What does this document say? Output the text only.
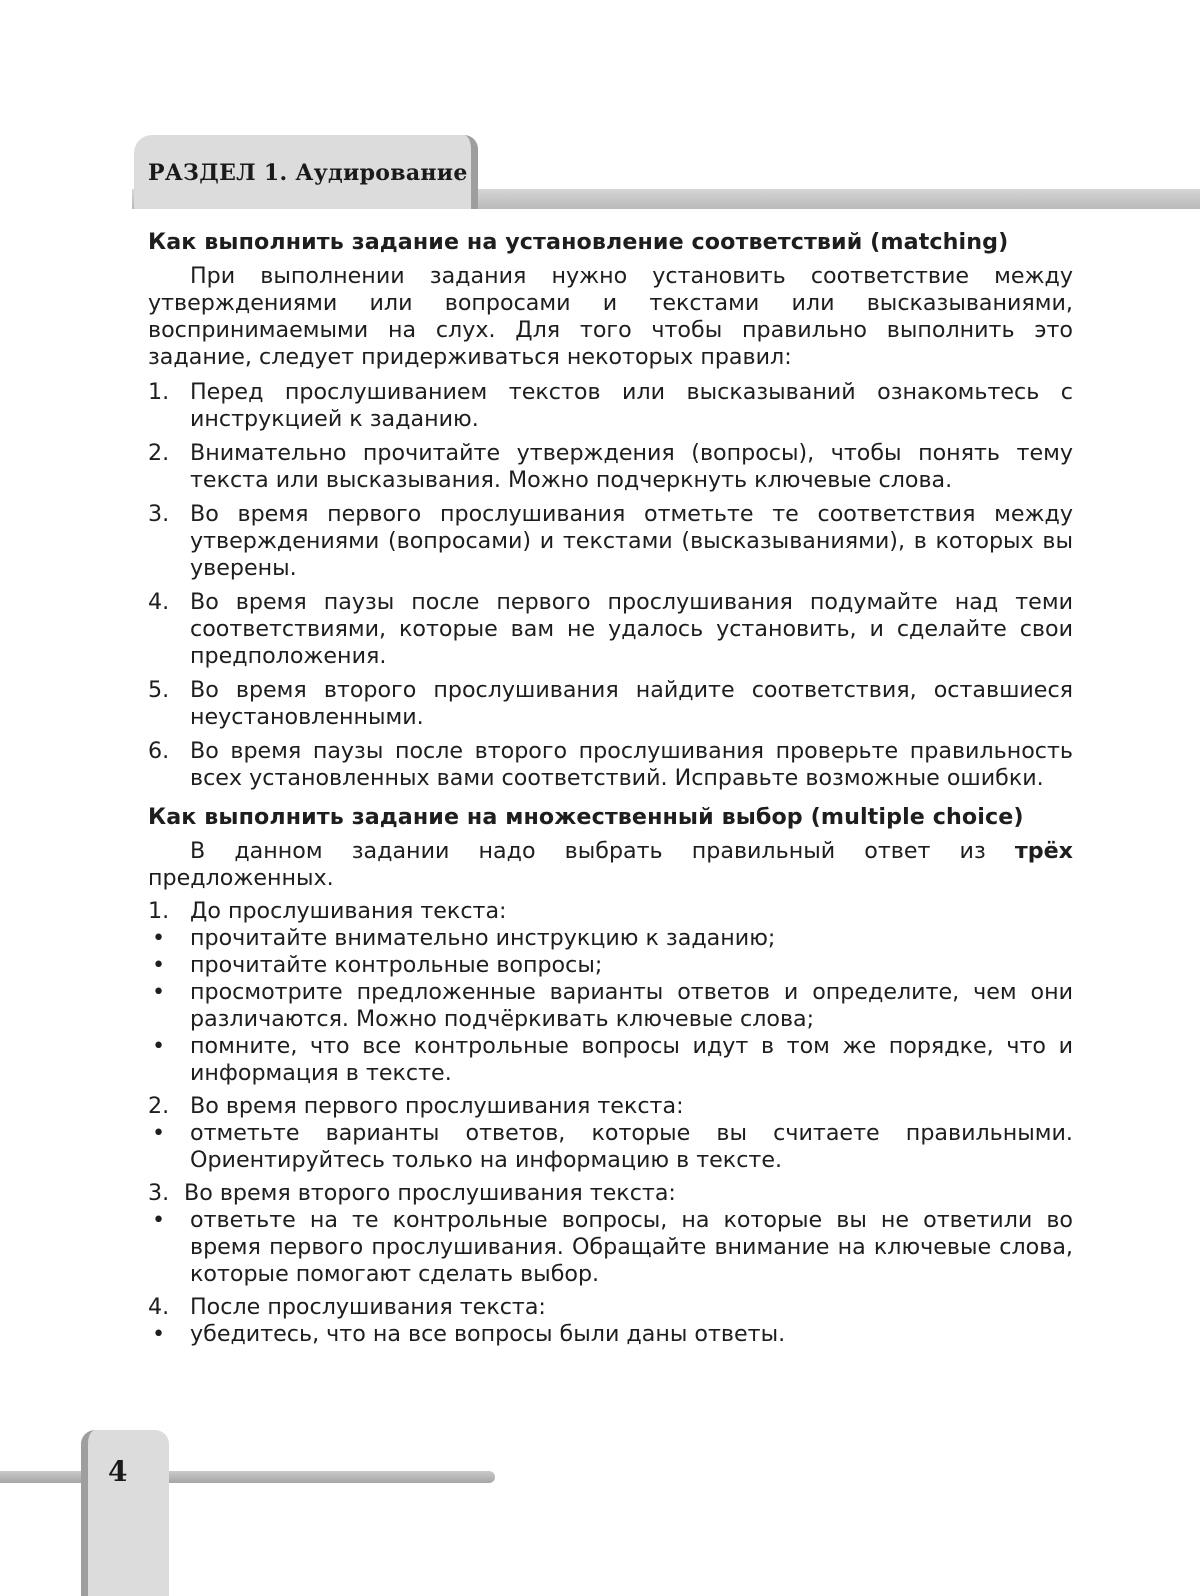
РАЗДЕЛ 1. Аудирование
Как выполнить задание на установление соответствий (matching)

При выполнении задания нужно установить соответствие между утверждениями или вопросами и текстами или высказываниями, воспринимаемыми на слух. Для того чтобы правильно выполнить это задание, следует придерживаться некоторых правил:

1. Перед прослушиванием текстов или высказываний ознакомьтесь с инструкцией к заданию.
2. Внимательно прочитайте утверждения (вопросы), чтобы понять тему текста или высказывания. Можно подчеркнуть ключевые слова.
3. Во время первого прослушивания отметьте те соответствия между утверждениями (вопросами) и текстами (высказываниями), в которых вы уверены.
4. Во время паузы после первого прослушивания подумайте над теми соответствиями, которые вам не удалось установить, и сделайте свои предположения.
5. Во время второго прослушивания найдите соответствия, оставшиеся неустановленными.
6. Во время паузы после второго прослушивания проверьте правильность всех установленных вами соответствий. Исправьте возможные ошибки.
Как выполнить задание на множественный выбор (multiple choice)

В данном задании надо выбрать правильный ответ из трёх предложенных.

1. До прослушивания текста:
•	прочитайте внимательно инструкцию к заданию;
•	прочитайте контрольные вопросы;
•	просмотрите предложенные варианты ответов и определите, чем они различаются. Можно подчёркивать ключевые слова;
•	помните, что все контрольные вопросы идут в том же порядке, что и информация в тексте.
2. Во время первого прослушивания текста:
•	отметьте варианты ответов, которые вы считаете правильными. Ориентируйтесь только на информацию в тексте.
3. Во время второго прослушивания текста:
•	ответьте на те контрольные вопросы, на которые вы не ответили во время первого прослушивания. Обращайте внимание на ключевые слова, которые помогают сделать выбор.
4. После прослушивания текста:
•	убедитесь, что на все вопросы были даны ответы.
4
